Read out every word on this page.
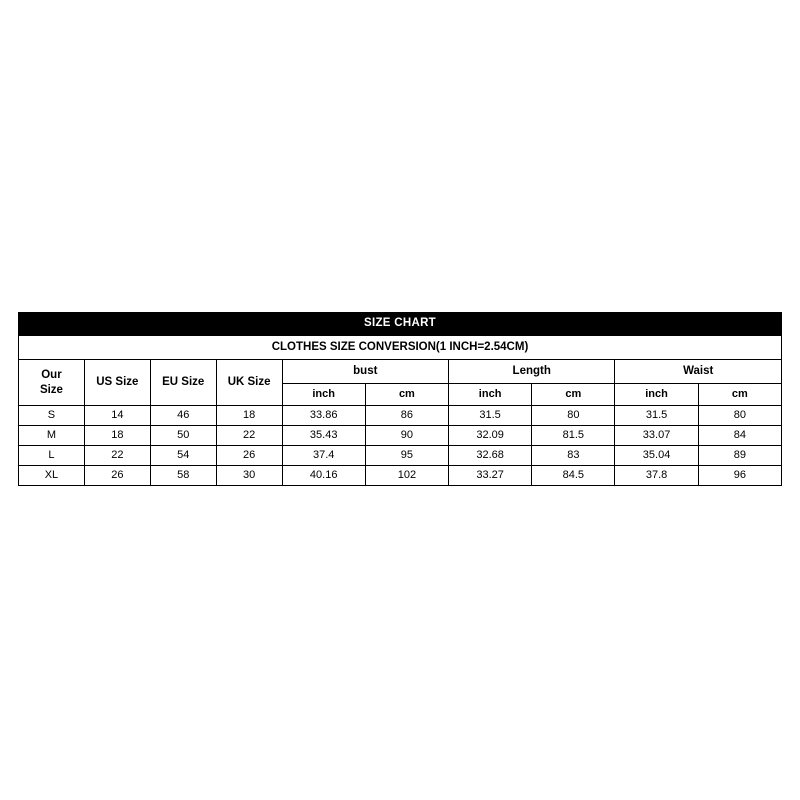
SIZE CHART									
CLOTHES SIZE CONVERSION(1 INCH=2.54CM)									
Our
Size	US Size	EU Size	UK Size	bust		Length		Waist	
				inch	cm	inch	cm	inch	cm
S	14	46	18	33.86	86	31.5	80	31.5	80
M	18	50	22	35.43	90	32.09	81.5	33.07	84
L	22	54	26	37.4	95	32.68	83	35.04	89
XL	26	58	30	40.16	102	33.27	84.5	37.8	96
